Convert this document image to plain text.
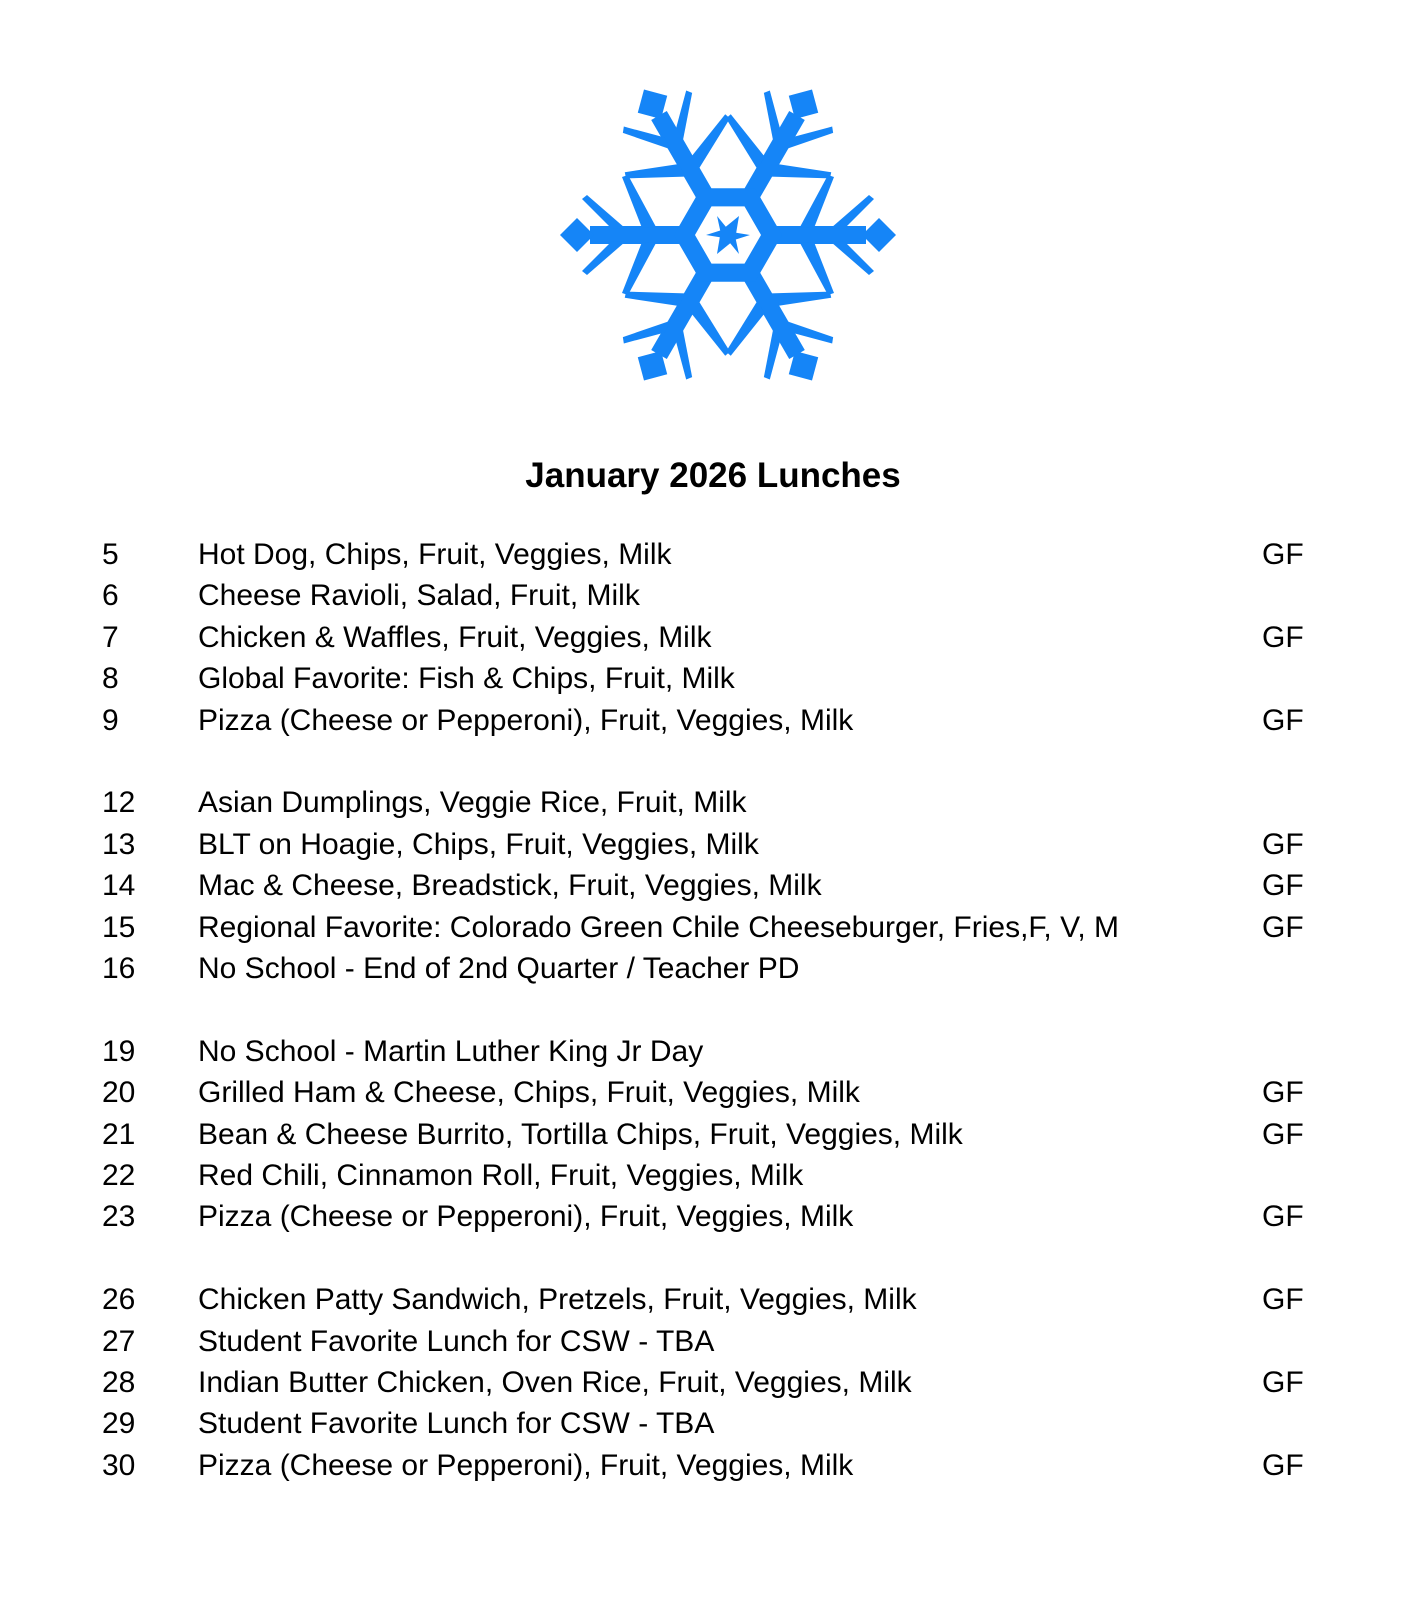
January 2026 Lunches
5	Hot Dog, Chips, Fruit, Veggies, Milk	GF
6	Cheese Ravioli, Salad, Fruit, Milk
7	Chicken & Waffles, Fruit, Veggies, Milk	GF
8	Global Favorite: Fish & Chips, Fruit, Milk
9	Pizza (Cheese or Pepperoni), Fruit, Veggies, Milk	GF
12 Asian Dumplings, Veggie Rice, Fruit, Milk
13 BLT on Hoagie, Chips, Fruit, Veggies, Milk	GF
14 Mac & Cheese, Breadstick, Fruit, Veggies, Milk	GF
15 Regional Favorite: Colorado Green Chile Cheeseburger, Fries,F, V, M	GF
16 No School - End of 2nd Quarter / Teacher PD
19 No School - Martin Luther King Jr Day
20 Grilled Ham & Cheese, Chips, Fruit, Veggies, Milk	GF
21 Bean & Cheese Burrito, Tortilla Chips, Fruit, Veggies, Milk	GF
22 Red Chili, Cinnamon Roll, Fruit, Veggies, Milk
23 Pizza (Cheese or Pepperoni), Fruit, Veggies, Milk	GF
26 Chicken Patty Sandwich, Pretzels, Fruit, Veggies, Milk	GF
27 Student Favorite Lunch for CSW - TBA
28 Indian Butter Chicken, Oven Rice, Fruit, Veggies, Milk	GF
29 Student Favorite Lunch for CSW - TBA
30 Pizza (Cheese or Pepperoni), Fruit, Veggies, Milk	GF
